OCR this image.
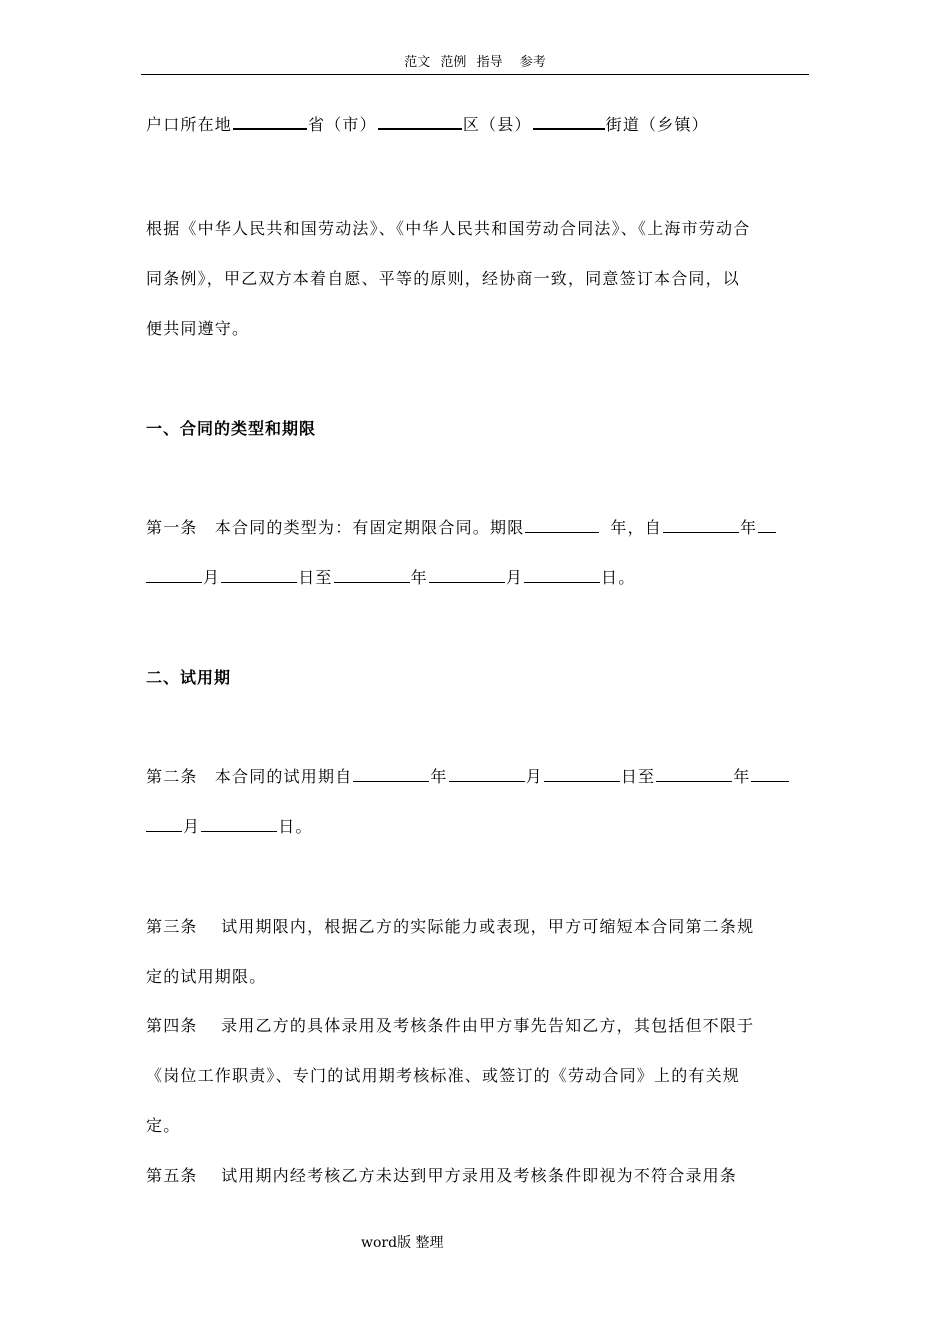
范文 范例 指导 参考
户口所在地	省（市）	区（县）	街道（乡镇）
根据《中华人民共和国劳动法》、《中华人民共和国劳动合同法》、《上海市劳动合
同条例》，甲乙双方本着自愿、平等的原则，经协商一致，同意签订本合同，以
便共同遵守。
一、合同的类型和期限
第一条　本合同的类型为：有固定期限合同。期限	年，自	年
月	日至	年	月	日。
二、试用期
第二条　本合同的试用期自	年	月	日至	年
月	日。
第三条　 试用期限内，根据乙方的实际能力或表现，甲方可缩短本合同第二条规
定的试用期限。
第四条　 录用乙方的具体录用及考核条件由甲方事先告知乙方，其包括但不限于
《岗位工作职责》、专门的试用期考核标准、或签订的《劳动合同》上的有关规
定。
第五条　 试用期内经考核乙方未达到甲方录用及考核条件即视为不符合录用条
word版 整理
